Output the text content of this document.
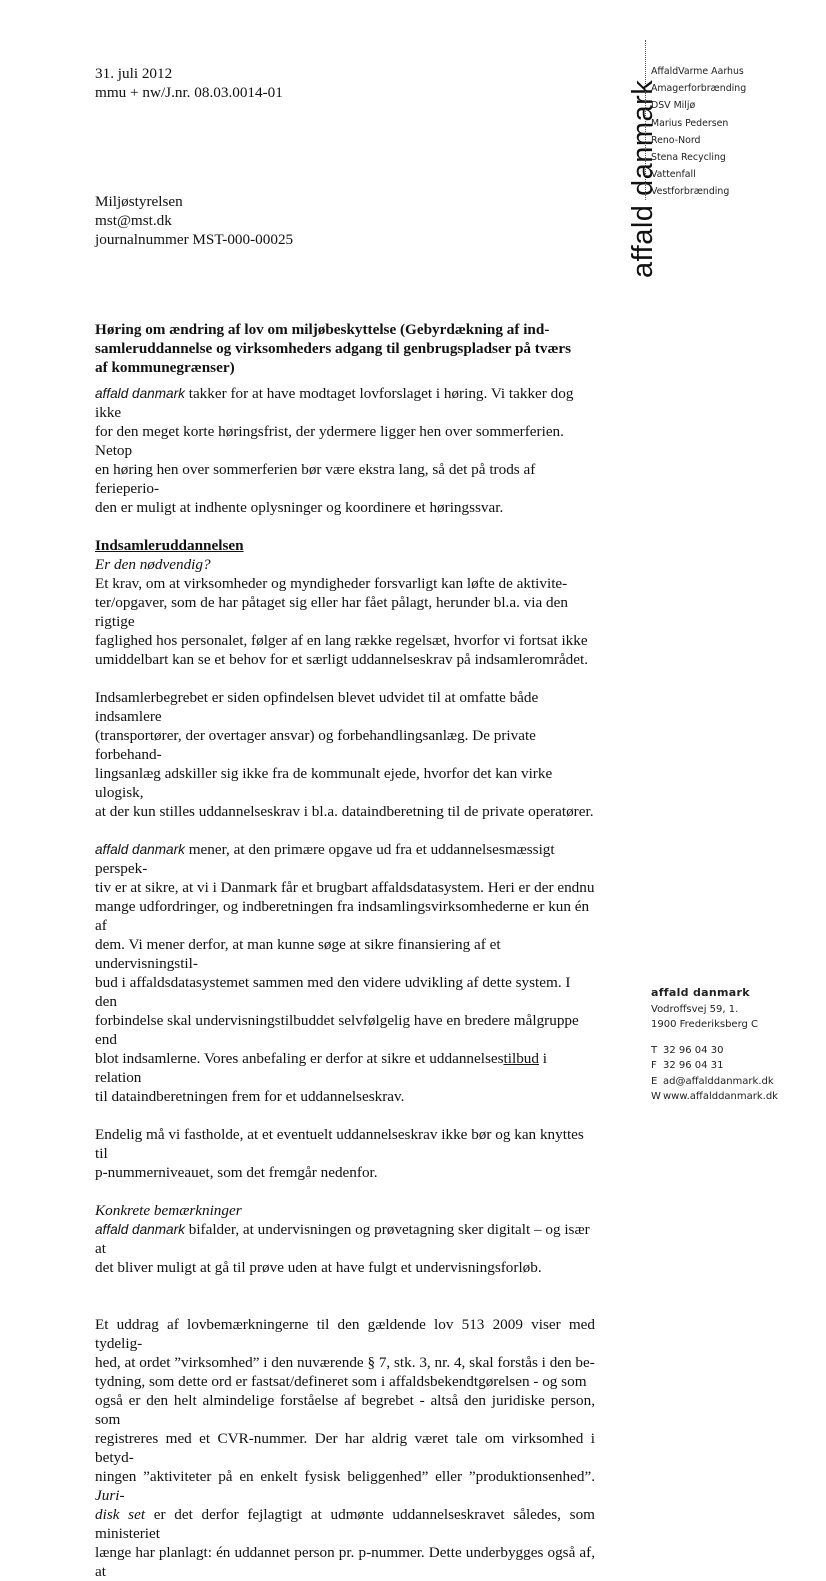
31. juli 2012
mmu + nw/J.nr. 08.03.0014-01
Miljøstyrelsen
mst@mst.dk
journalnummer MST-000-00025	affald danmark
AffaldVarme Aarhus
Amagerforbrænding
DSV Miljø
Marius Pedersen
Reno-Nord
Stena Recycling
Vattenfall
Vestforbrænding
Høring om ændring af lov om miljøbeskyttelse (Gebyrdækning af ind-
samleruddannelse og virksomheders adgang til genbrugspladser på tværs
af kommunegrænser)

affald danmark takker for at have modtaget lovforslaget i høring. Vi takker dog ikke
for den meget korte høringsfrist, der ydermere ligger hen over sommerferien. Netop
en høring hen over sommerferien bør være ekstra lang, så det på trods af ferieperio-
den er muligt at indhente oplysninger og koordinere et høringssvar.

Indsamleruddannelsen
Er den nødvendig?

Et krav, om at virksomheder og myndigheder forsvarligt kan løfte de aktivite-
ter/opgaver, som de har påtaget sig eller har fået pålagt, herunder bl.a. via den rigtige
faglighed hos personalet, følger af en lang række regelsæt, hvorfor vi fortsat ikke
umiddelbart kan se et behov for et særligt uddannelseskrav på indsamlerområdet.

Indsamlerbegrebet er siden opfindelsen blevet udvidet til at omfatte både indsamlere
(transportører, der overtager ansvar) og forbehandlingsanlæg. De private forbehand-
lingsanlæg adskiller sig ikke fra de kommunalt ejede, hvorfor det kan virke ulogisk,
at der kun stilles uddannelseskrav i bl.a. dataindberetning til de private operatører.

affald danmark mener, at den primære opgave ud fra et uddannelsesmæssigt perspek-
tiv er at sikre, at vi i Danmark får et brugbart affaldsdatasystem. Heri er der endnu
mange udfordringer, og indberetningen fra indsamlingsvirksomhederne er kun én af
dem. Vi mener derfor, at man kunne søge at sikre finansiering af et undervisningstil-
bud i affaldsdatasystemet sammen med den videre udvikling af dette system. I den
forbindelse skal undervisningstilbuddet selvfølgelig have en bredere målgruppe end
blot indsamlerne. Vores anbefaling er derfor at sikre et uddannelsestilbud i relation
til dataindberetningen frem for et uddannelseskrav.

Endelig må vi fastholde, at et eventuelt uddannelseskrav ikke bør og kan knyttes til
p-nummerniveauet, som det fremgår nedenfor.

Konkrete bemærkninger

affald danmark bifalder, at undervisningen og prøvetagning sker digitalt – og især at
det bliver muligt at gå til prøve uden at have fulgt et undervisningsforløb.

Et uddrag af lovbemærkningerne til den gældende lov 513 2009 viser med tydelig-
hed, at ordet ”virksomhed” i den nuværende § 7, stk. 3, nr. 4, skal forstås i den be-
tydning, som dette ord er fastsat/defineret som i affaldsbekendtgørelsen - og som
også er den helt almindelige forståelse af begrebet - altså den juridiske person, som
registreres med et CVR-nummer. Der har aldrig været tale om virksomhed i betyd-
ningen ”aktiviteter på en enkelt fysisk beliggenhed” eller ”produktionsenhed”. Juri-
disk set er det derfor fejlagtigt at udmønte uddannelseskravet således, som ministeriet
længe har planlagt: én uddannet person pr. p-nummer. Dette underbygges også af, at

affald danmark
Vodroffsvej 59, 1.
1900 Frederiksberg C
T 32 96 04 30
F 32 96 04 31
E ad@affalddanmark.dk
W www.affalddanmark.dk
